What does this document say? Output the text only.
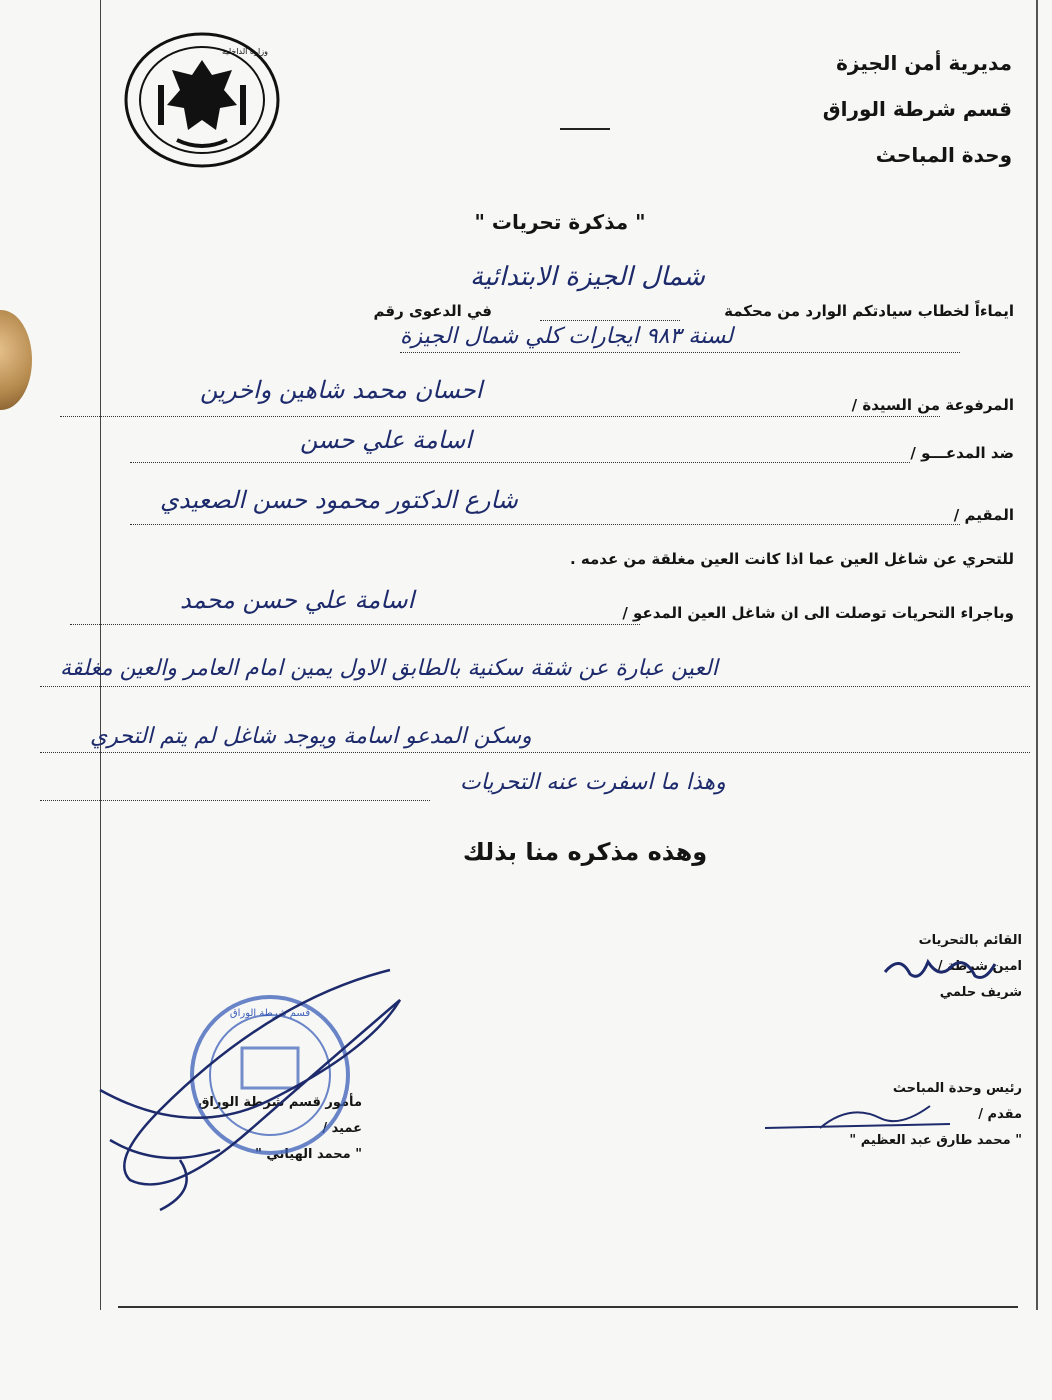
وزارة الداخلية	مديرية أمن الجيزة
قسم شرطة الوراق
وحدة المباحث
" مذكرة تحريات "
شمال الجيزة الابتدائية
ايماءاً لخطاب سيادتكم الوارد من محكمة
في الدعوى رقم
لسنة ٩٨٣ ايجارات كلي شمال الجيزة
المرفوعة من السيدة /
احسان محمد شاهين واخرين
ضد المدعـــو /
اسامة علي حسن
المقيم /
شارع الدكتور محمود حسن الصعيدي
للتحري عن شاغل العين عما اذا كانت العين مغلقة من عدمه .
وباجراء التحريات توصلت الى ان شاغل العين المدعو /
اسامة علي حسن محمد
العين عبارة عن شقة سكنية بالطابق الاول يمين امام العامر والعين مغلقة
وسكن المدعو اسامة ويوجد شاغل لم يتم التحري
وهذا ما اسفرت عنه التحريات
وهذه مذكره منا بذلك
القائم بالتحريات
امين شرطة /
شريف حلمي
رئيس وحدة المباحث
مقدم /
" محمد طارق عبد العظيم "
مأمور قسم شرطة الوراق
عميد /
" محمد الهياتي "
قسم شرطة الوراق
